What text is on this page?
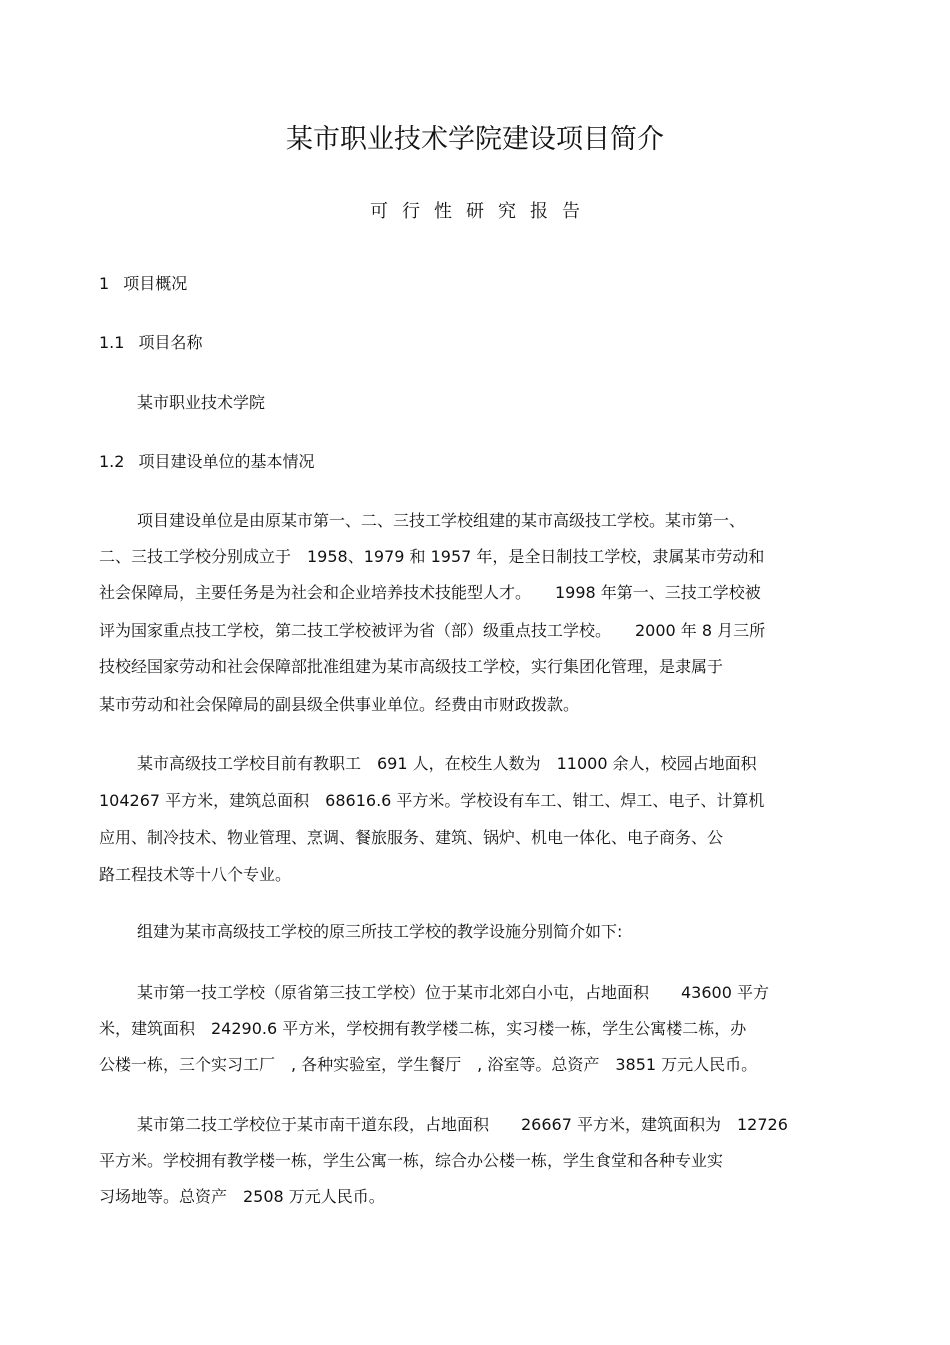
某市职业技术学院建设项目简介
可行性研究报告
1 项目概况
1.1 项目名称
某市职业技术学院
1.2 项目建设单位的基本情况
项目建设单位是由原某市第一、二、三技工学校组建的某市高级技工学校。某市第一、
二、三技工学校分别成立于　1958、1979 和 1957 年，是全日制技工学校，隶属某市劳动和
社会保障局，主要任务是为社会和企业培养技术技能型人才。　　1998 年第一、三技工学校被
评为国家重点技工学校，第二技工学校被评为省（部）级重点技工学校。　　2000 年 8 月三所
技校经国家劳动和社会保障部批准组建为某市高级技工学校，实行集团化管理，是隶属于
某市劳动和社会保障局的副县级全供事业单位。经费由市财政拨款。
某市高级技工学校目前有教职工　691 人，在校生人数为　11000 余人，校园占地面积
104267 平方米，建筑总面积　68616.6 平方米。学校设有车工、钳工、焊工、电子、计算机
应用、制冷技术、物业管理、烹调、餐旅服务、建筑、锅炉、机电一体化、电子商务、公
路工程技术等十八个专业。
组建为某市高级技工学校的原三所技工学校的教学设施分别简介如下:
某市第一技工学校（原省第三技工学校）位于某市北郊白小屯，占地面积　　43600 平方
米，建筑面积　24290.6 平方米，学校拥有教学楼二栋，实习楼一栋，学生公寓楼二栋，办
公楼一栋，三个实习工厂　, 各种实验室，学生餐厅　, 浴室等。总资产　3851 万元人民币。
某市第二技工学校位于某市南干道东段，占地面积　　26667 平方米，建筑面积为　12726
平方米。学校拥有教学楼一栋，学生公寓一栋，综合办公楼一栋，学生食堂和各种专业实
习场地等。总资产　2508 万元人民币。
